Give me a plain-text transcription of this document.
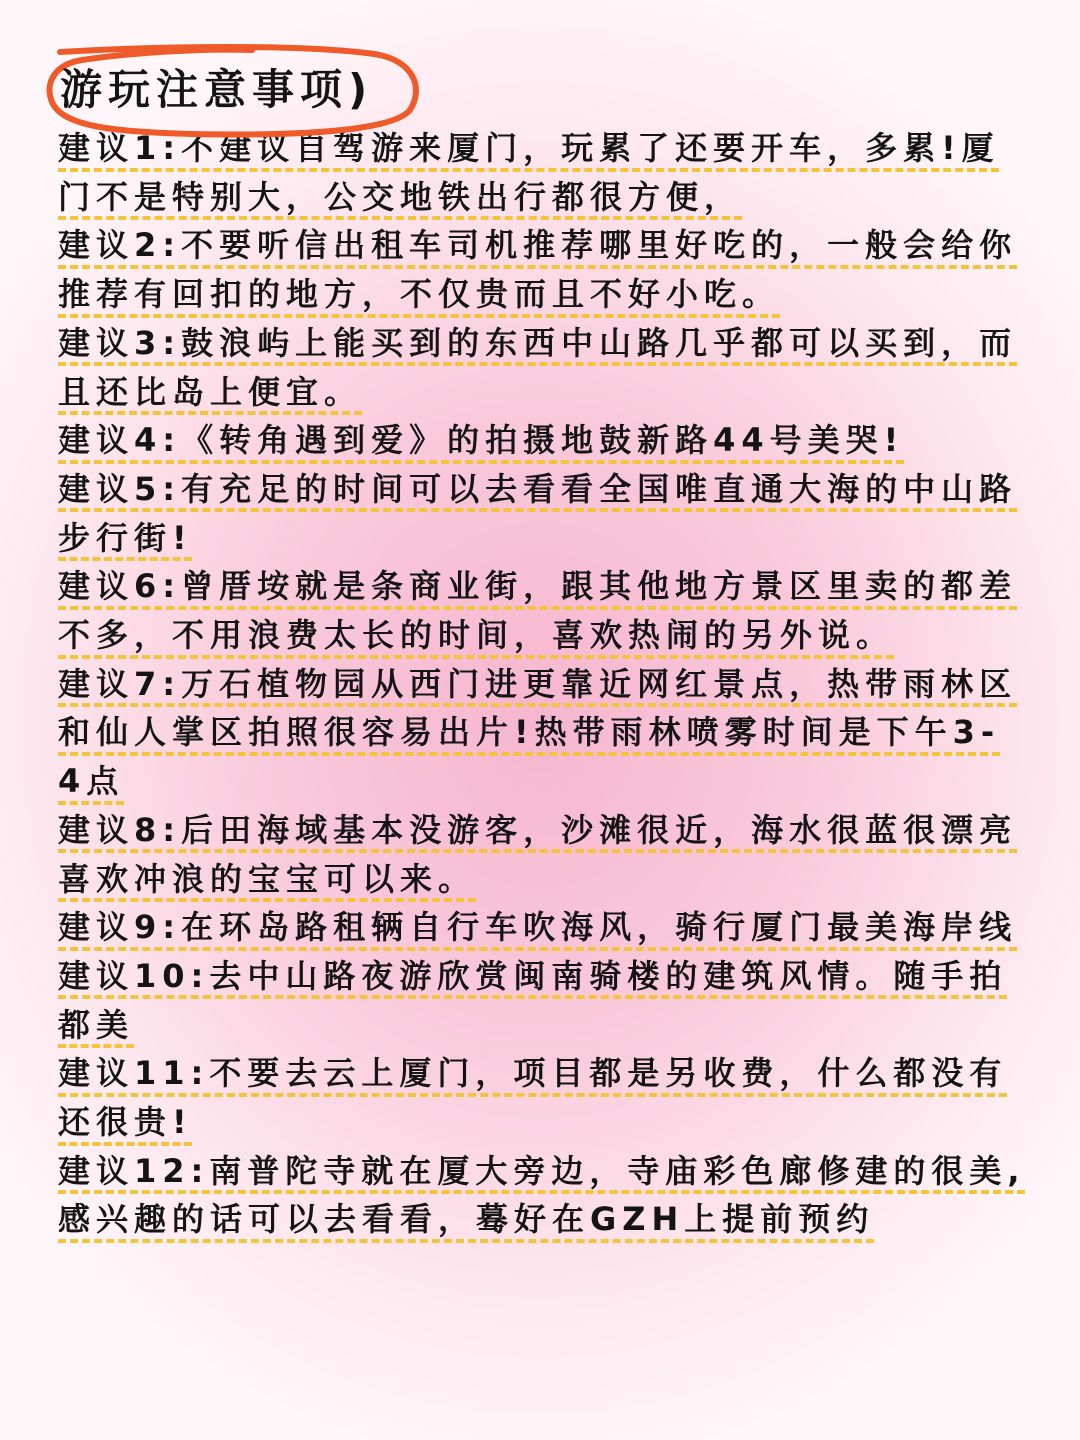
游玩注意事项)
建议1:不建议自驾游来厦门，玩累了还要开车，多累!厦门不是特别大，公交地铁出行都很方便，
建议2:不要听信出租车司机推荐哪里好吃的，一般会给你推荐有回扣的地方，不仅贵而且不好小吃。
建议3:鼓浪屿上能买到的东西中山路几乎都可以买到，而且还比岛上便宜。
建议4:《转角遇到爱》的拍摄地鼓新路44号美哭!
建议5:有充足的时间可以去看看全国唯直通大海的中山路步行街!
建议6:曾厝垵就是条商业街，跟其他地方景区里卖的都差不多，不用浪费太长的时间，喜欢热闹的另外说。
建议7:万石植物园从西门进更靠近网红景点，热带雨林区和仙人掌区拍照很容易出片!热带雨林喷雾时间是下午3-4点
建议8:后田海域基本没游客，沙滩很近，海水很蓝很漂亮喜欢冲浪的宝宝可以来。
建议9:在环岛路租辆自行车吹海风，骑行厦门最美海岸线
建议10:去中山路夜游欣赏闽南骑楼的建筑风情。随手拍都美
建议11:不要去云上厦门，项目都是另收费，什么都没有还很贵!
建议12:南普陀寺就在厦大旁边，寺庙彩色廊修建的很美,感兴趣的话可以去看看，蓦好在GZH上提前预约
